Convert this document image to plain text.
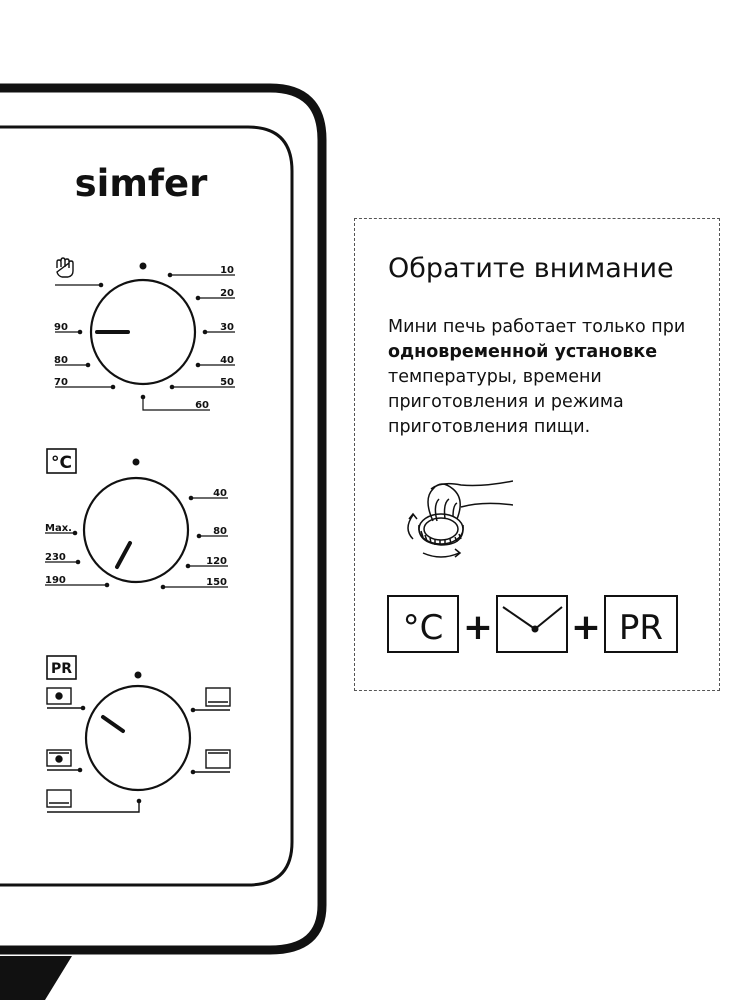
simfer
10
20
30
40
50
60
70
80
90
°C
40
80
120
150
190
230
Max.
PR
Обратите внимание

Мини печь работает только при одновременной установке температуры, времени приготовления и режима приготовления пищи.

°C + + PR
